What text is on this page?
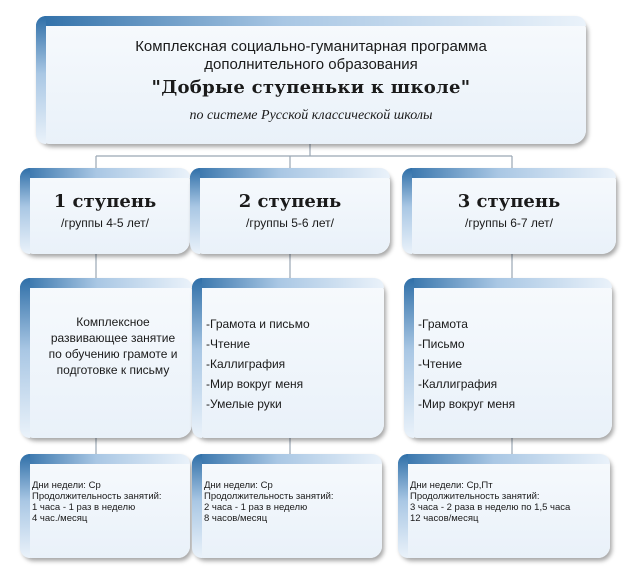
Комплексная социально-гуманитарная программа
дополнительного образования
"Добрые ступеньки к школе"
по системе Русской классической школы
1 ступень
/группы 4-5 лет/
Комплексное
развивающее занятие
по обучению грамоте и
подготовке к письму
Дни недели: Ср
Продолжительность занятий:
1 часа - 1 раз в неделю
4 час./месяц
2 ступень
/группы 5-6 лет/
-Грамота и письмо
-Чтение
-Каллиграфия
-Мир вокруг меня
-Умелые руки
Дни недели: Ср
Продолжительность занятий:
2 часа - 1 раз в неделю
8 часов/месяц
3 ступень
/группы 6-7 лет/
-Грамота
-Письмо
-Чтение
-Каллиграфия
-Мир вокруг меня
Дни недели: Ср,Пт
Продолжительность занятий:
3 часа - 2 раза в неделю по 1,5 часа
12 часов/месяц
